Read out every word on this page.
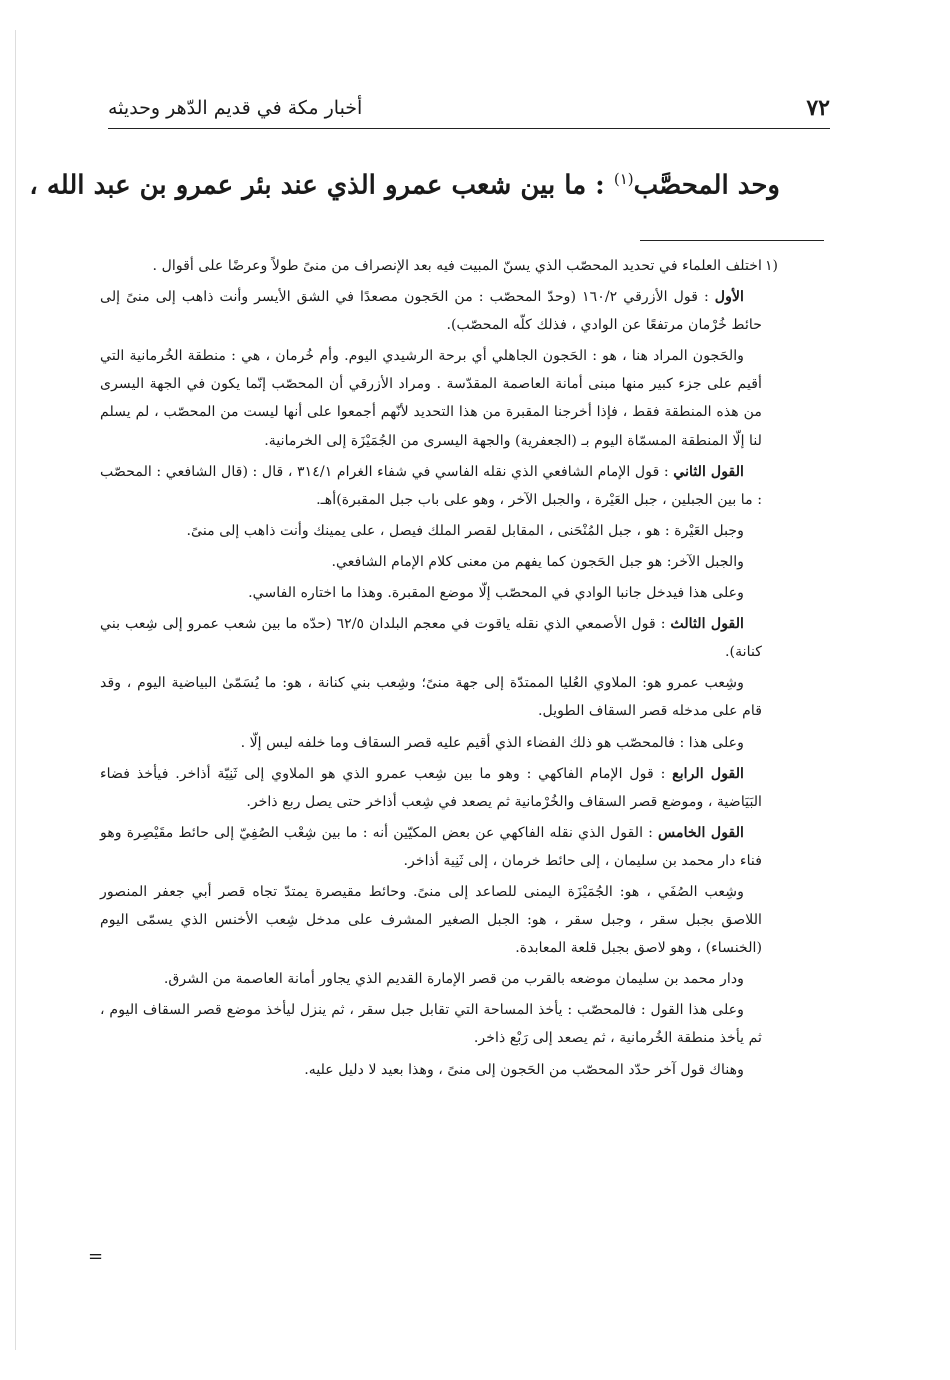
٧٢
أخبار مكة في قديم الدّهر وحديثه
وحد المحصَّب$^{(١)}$ : ما بين شعب عمرو الذي عند بئر عمرو بن عبد الله ،
١)

اختلف العلماء في تحديد المحصّب الذي يسنّ المبيت فيه بعد الإنصراف من منىً طولاً وعرضًا على أقوال .

الأول : قول الأزرقي ١٦٠/٢ (وحدّ المحصّب : من الحَجون مصعدًا في الشق الأيسر وأنت ذاهب إلى منىً إلى حائط خُرْمان مرتفعًا عن الوادي ، فذلك كلّه المحصّب).

والحَجون المراد هنا ، هو : الحَجون الجاهلي أي برحة الرشيدي اليوم. وأم خُرمان ، هي : منطقة الخُرمانية التي أقيم على جزء كبير منها مبنى أمانة العاصمة المقدّسة . ومراد الأزرقي أن المحصّب إنّما يكون في الجهة اليسرى من هذه المنطقة فقط ، فإذا أخرجنا المقبرة من هذا التحديد لأنّهم أجمعوا على أنها ليست من المحصّب ، لم يسلم لنا إلّا المنطقة المسمّاة اليوم بـ (الجعفرية) والجهة اليسرى من الجُمَيْزَة إلى الخرمانية.

القول الثاني : قول الإمام الشافعي الذي نقله الفاسي في شفاء الغرام ٣١٤/١ ، قال : (قال الشافعي : المحصّب : ما بين الجبلين ، جبل العَيْرة ، والجبل الآخر ، وهو على باب جبل المقبرة)أهـ.

وجبل العَيْرة : هو ، جبل المُنْحَنى ، المقابل لقصر الملك فيصل ، على يمينك وأنت ذاهب إلى منىً.

والجبل الآخر: هو جبل الحَجون كما يفهم من معنى كلام الإمام الشافعي.

وعلى هذا فيدخل جانبا الوادي في المحصّب إلّا موضع المقبرة. وهذا ما اختاره الفاسي.

القول الثالث : قول الأصمعي الذي نقله ياقوت في معجم البلدان ٦٢/٥ (حدّه ما بين شعب عمرو إلى شِعب بني كنانة).

وشِعب عمرو هو: الملاوي العُليا الممتدّة إلى جهة منىً؛ وشِعب بني كنانة ، هو: ما يُسَمّىٰ البياضية اليوم ، وقد قام على مدخله قصر السقاف الطويل.

وعلى هذا : فالمحصّب هو ذلك الفضاء الذي أقيم عليه قصر السقاف وما خلفه ليس إلّا .

القول الرابع : قول الإمام الفاكهي : وهو ما بين شِعب عمرو الذي هو الملاوي إلى ثَنِيّة أذاخر. فيأخذ فضاء البَيَاضية ، وموضع قصر السقاف والخُرْمانية ثم يصعد في شِعب أذاخر حتى يصل ربع ذاخر.

القول الخامس : القول الذي نقله الفاكهي عن بعض المكيّين أنه : ما بين شِعْب الصُفِيّ إلى حائط مقَيْصِرة وهو فناء دار محمد بن سليمان ، إلى حائط خرمان ، إلى ثَنِية أذاخر.

وشِعب الصُفَي ، هو: الجُمَيْزَة اليمنى للصاعد إلى منىً. وحائط مقيصرة يمتدّ تجاه قصر أبي جعفر المنصور اللاصق بجبل سقر ، وجبل سقر ، هو: الجبل الصغير المشرف على مدخل شِعب الأخنس الذي يسمّى اليوم (الخنساء) ، وهو لاصق بجبل قلعة المعابدة.

ودار محمد بن سليمان موضعه بالقرب من قصر الإمارة القديم الذي يجاور أمانة العاصمة من الشرق.

وعلى هذا القول : فالمحصّب : يأخذ المساحة التي تقابل جبل سقر ، ثم ينزل ليأخذ موضع قصر السقاف اليوم ، ثم يأخذ منطقة الخُرمانية ، ثم يصعد إلى رَبْع ذاخر.

وهناك قول آخر حدّد المحصّب من الحَجون إلى منىً ، وهذا بعيد لا دليل عليه.

=
